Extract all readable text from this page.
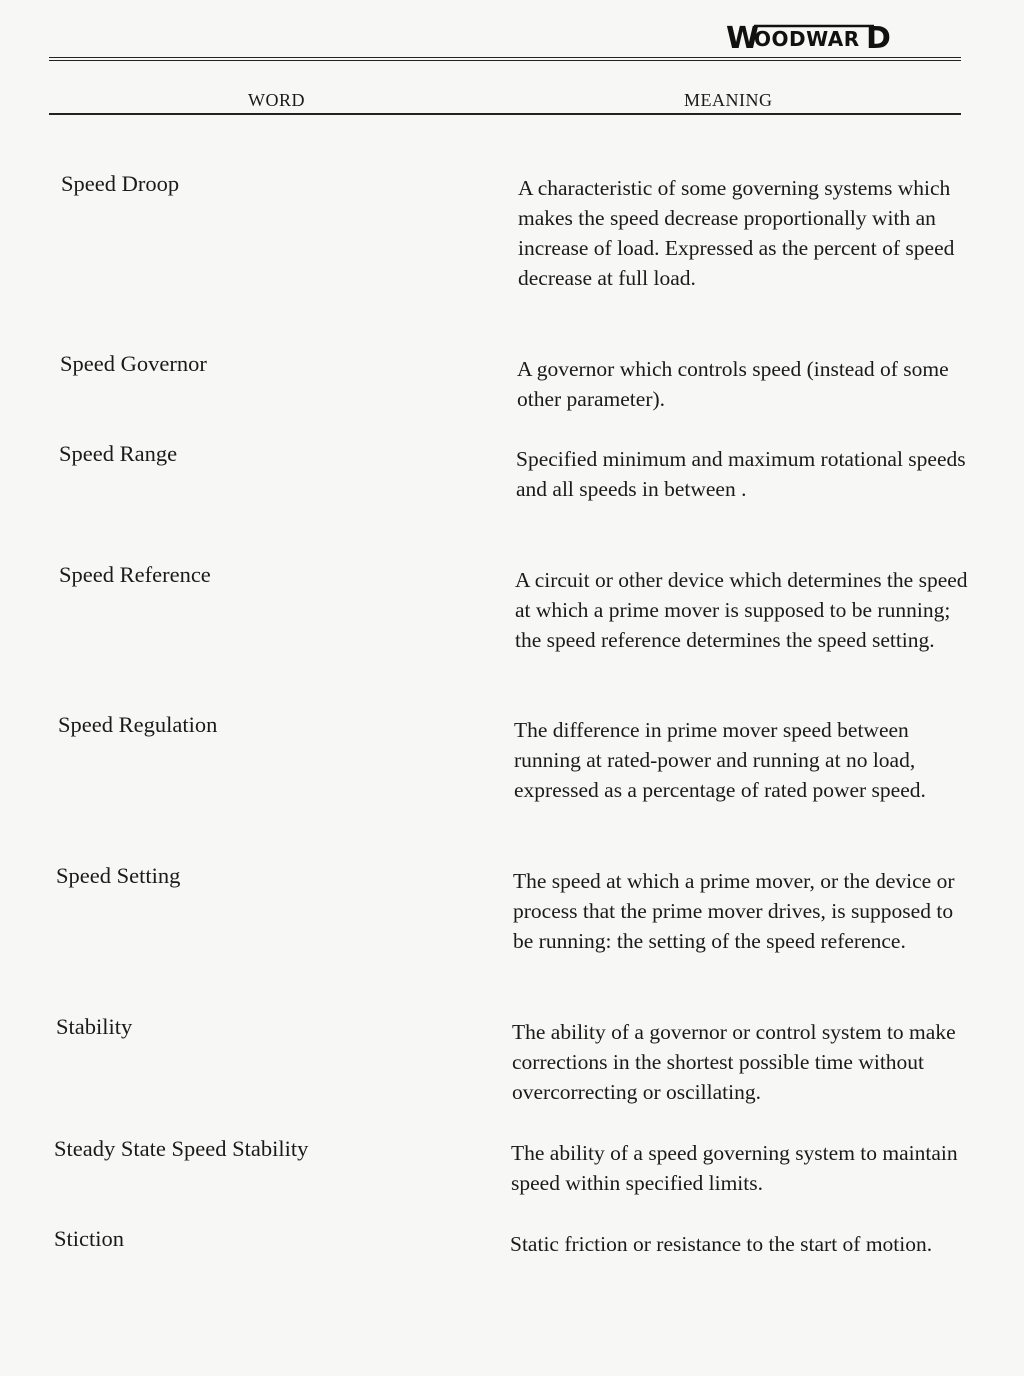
W
OODWAR D
WORD	MEANING
Speed Droop	A characteristic of some governing systems which makes the speed decrease proportionally with an increase of load. Expressed as the percent of speed decrease at full load.
Speed Governor	A governor which controls speed (instead of some other parameter).
Speed Range	Specified minimum and maximum rotational speeds and all speeds in between .
Speed Reference	A circuit or other device which determines the speed at which a prime mover is supposed to be running; the speed reference determines the speed setting.
Speed Regulation	The difference in prime mover speed between running at rated-power and running at no load, expressed as a percentage of rated power speed.
Speed Setting	The speed at which a prime mover, or the device or process that the prime mover drives, is supposed to be running: the setting of the speed reference.
Stability	The ability of a governor or control system to make corrections in the shortest possible time without overcorrecting or oscillating.
Steady State Speed Stability	The ability of a speed governing system to maintain speed within specified limits.
Stiction	Static friction or resistance to the start of motion.
